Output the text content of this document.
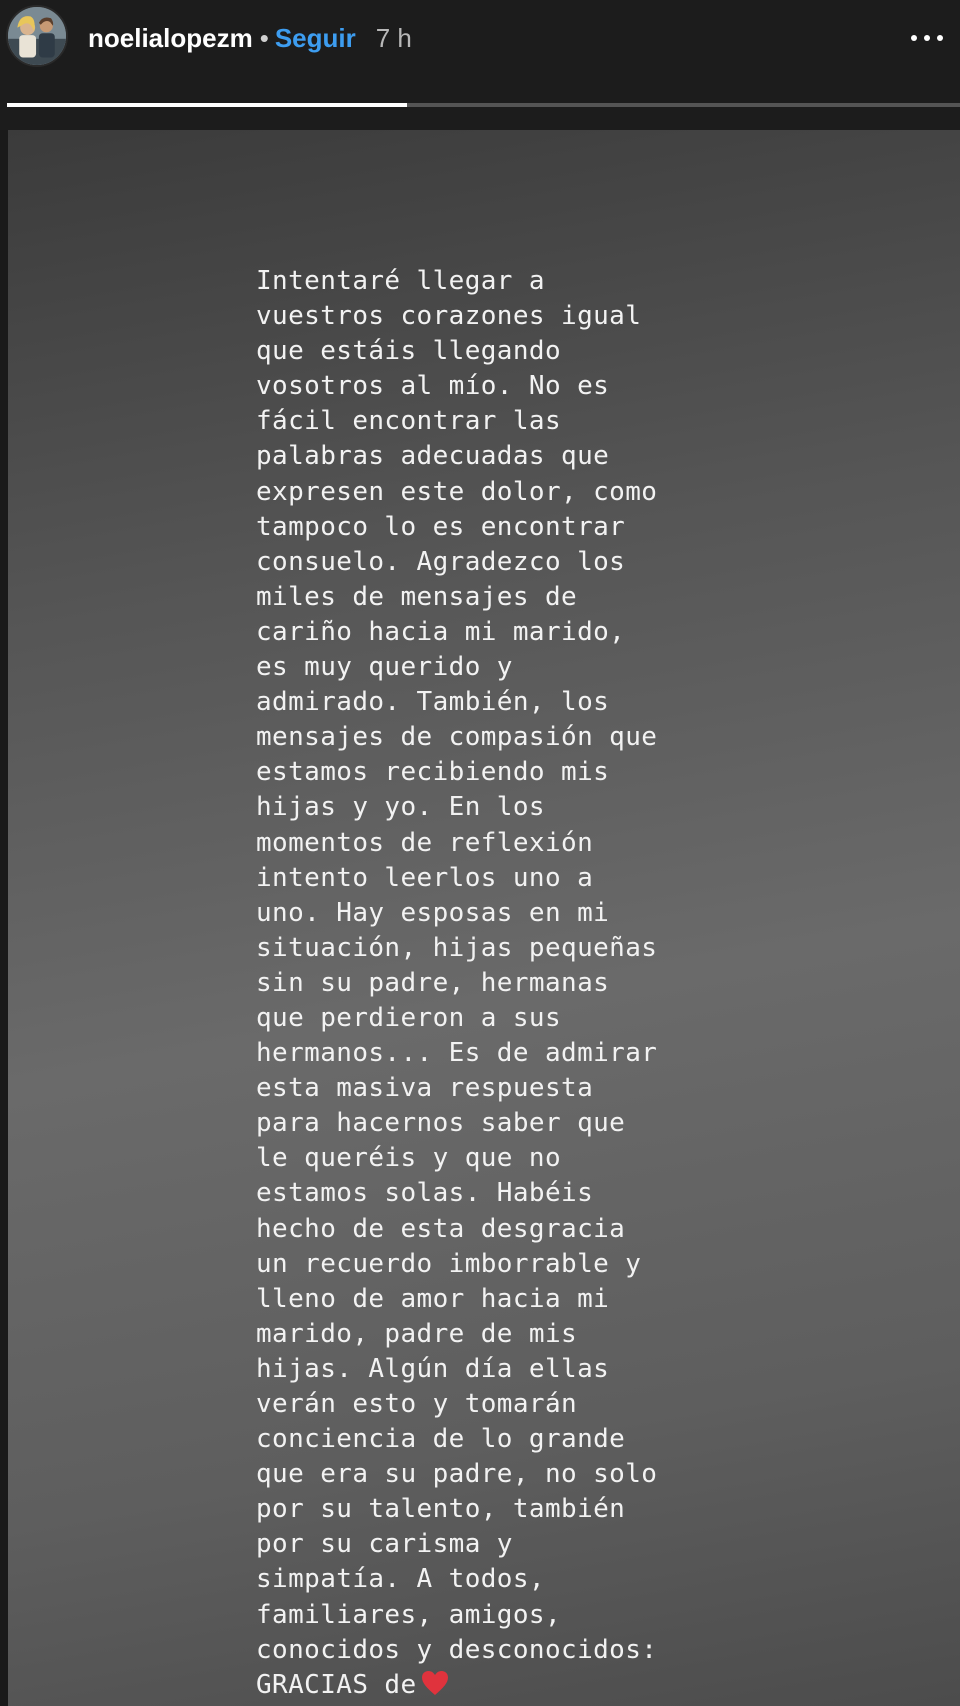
noelialopezm • Seguir 7 h
Intentaré llegar a
vuestros corazones igual
que estáis llegando
vosotros al mío. No es
fácil encontrar las
palabras adecuadas que
expresen este dolor, como
tampoco lo es encontrar
consuelo. Agradezco los
miles de mensajes de
cariño hacia mi marido,
es muy querido y
admirado. También, los
mensajes de compasión que
estamos recibiendo mis
hijas y yo. En los
momentos de reflexión
intento leerlos uno a
uno. Hay esposas en mi
situación, hijas pequeñas
sin su padre, hermanas
que perdieron a sus
hermanos... Es de admirar
esta masiva respuesta
para hacernos saber que
le queréis y que no
estamos solas. Habéis
hecho de esta desgracia
un recuerdo imborrable y
lleno de amor hacia mi
marido, padre de mis
hijas. Algún día ellas
verán esto y tomarán
conciencia de lo grande
que era su padre, no solo
por su talento, también
por su carisma y
simpatía. A todos,
familiares, amigos,
conocidos y desconocidos:
GRACIAS de
